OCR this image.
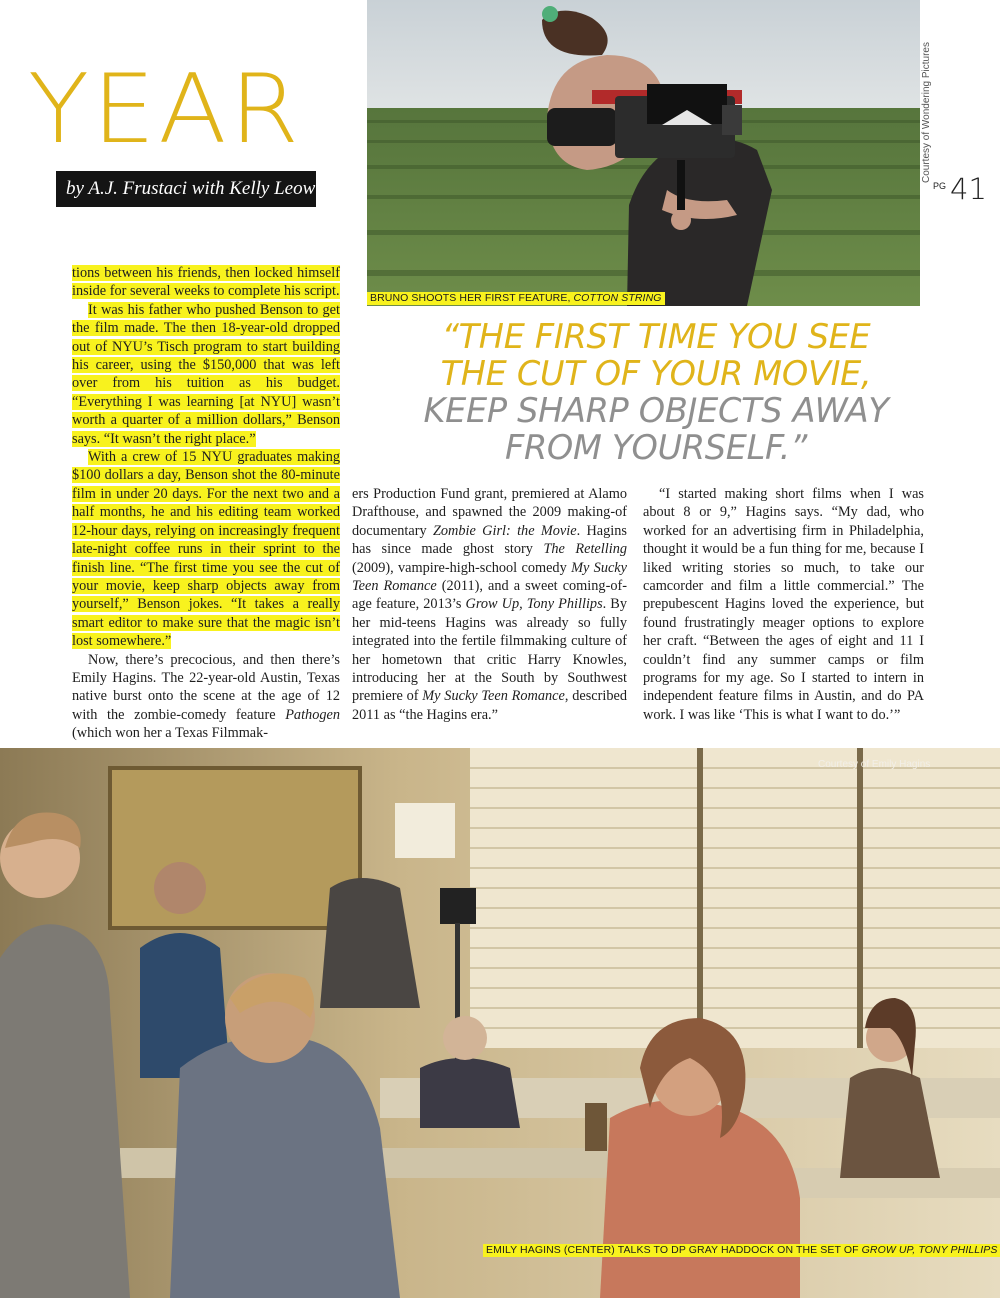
YEAR
by A.J. Frustaci with Kelly Leow
Courtesy of Wondering Pictures
PG 41
BRUNO SHOOTS HER FIRST FEATURE, COTTON STRING
“THE FIRST TIME YOU SEE
THE CUT OF YOUR MOVIE,
KEEP SHARP OBJECTS AWAY
FROM YOURSELF.”

tions between his friends, then locked himself inside for several weeks to complete his script.

It was his father who pushed Benson to get the film made. The then 18-year-old dropped out of NYU’s Tisch program to start building his career, using the $150,000 that was left over from his tuition as his budget. “Everything I was learning [at NYU] wasn’t worth a quarter of a million dollars,” Benson says. “It wasn’t the right place.”

With a crew of 15 NYU graduates making $100 dollars a day, Benson shot the 80-minute film in under 20 days. For the next two and a half months, he and his editing team worked 12-hour days, relying on increasingly frequent late-night coffee runs in their sprint to the finish line. “The first time you see the cut of your movie, keep sharp objects away from yourself,” Benson jokes. “It takes a really smart editor to make sure that the magic isn’t lost somewhere.”

Now, there’s precocious, and then there’s Emily Hagins. The 22-year-old Austin, Texas native burst onto the scene at the age of 12 with the zombie-comedy feature Pathogen (which won her a Texas Filmmak-

ers Production Fund grant, premiered at Alamo Drafthouse, and spawned the 2009 making-of documentary Zombie Girl: the Movie. Hagins has since made ghost story The Retelling (2009), vampire-high-school comedy My Sucky Teen Romance (2011), and a sweet coming-of-age feature, 2013’s Grow Up, Tony Phillips. By her mid-teens Hagins was already so fully integrated into the fertile filmmaking culture of her hometown that critic Harry Knowles, introducing her at the South by Southwest premiere of My Sucky Teen Romance, described 2011 as “the Hagins era.”

“I started making short films when I was about 8 or 9,” Hagins says. “My dad, who worked for an advertising firm in Philadelphia, thought it would be a fun thing for me, because I liked writing stories so much, to take our camcorder and film a little commercial.” The prepubescent Hagins loved the experience, but found frustratingly meager options to explore her craft. “Between the ages of eight and 11 I couldn’t find any summer camps or film programs for my age. So I started to intern in independent feature films in Austin, and do PA work. I was like ‘This is what I want to do.’”

Courtesy of Emily Hagins
EMILY HAGINS (CENTER) TALKS TO DP GRAY HADDOCK ON THE SET OF GROW UP, TONY PHILLIPS
